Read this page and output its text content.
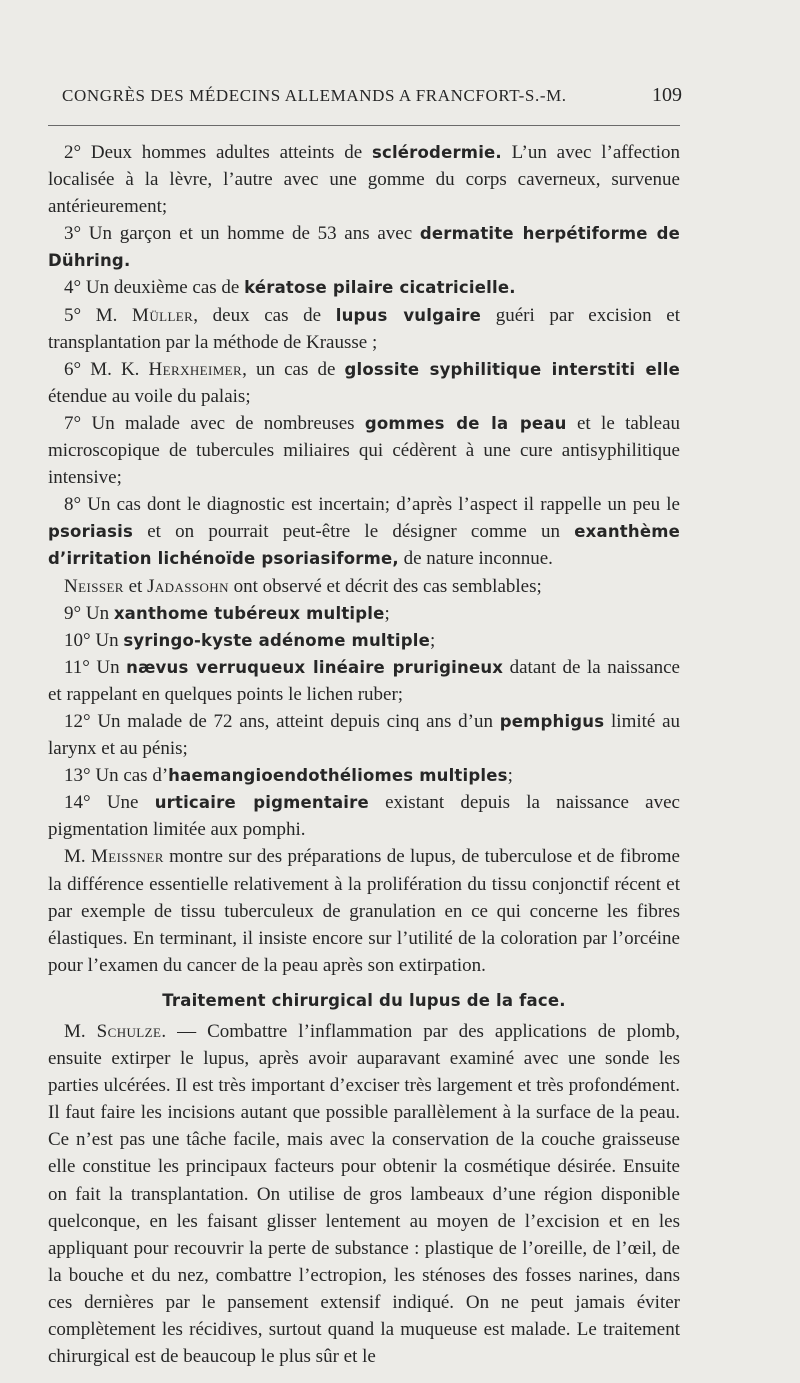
CONGRÈS DES MÉDECINS ALLEMANDS A FRANCFORT-S.-M.	109

2° Deux hommes adultes atteints de sclérodermie. L’un avec l’affection localisée à la lèvre, l’autre avec une gomme du corps caverneux, survenue antérieurement;

3° Un garçon et un homme de 53 ans avec dermatite herpétiforme de Dühring.

4° Un deuxième cas de kératose pilaire cicatricielle.

5° M. Müller, deux cas de lupus vulgaire guéri par excision et transplantation par la méthode de Krausse ;

6° M. K. Herxheimer, un cas de glossite syphilitique interstiti elle étendue au voile du palais;

7° Un malade avec de nombreuses gommes de la peau et le tableau microscopique de tubercules miliaires qui cédèrent à une cure antisyphilitique intensive;

8° Un cas dont le diagnostic est incertain; d’après l’aspect il rappelle un peu le psoriasis et on pourrait peut-être le désigner comme un exanthème d’irritation lichénoïde psoriasiforme, de nature inconnue.

Neisser et Jadassohn ont observé et décrit des cas semblables;

9° Un xanthome tubéreux multiple;

10° Un syringo-kyste adénome multiple;

11° Un nævus verruqueux linéaire prurigineux datant de la naissance et rappelant en quelques points le lichen ruber;

12° Un malade de 72 ans, atteint depuis cinq ans d’un pemphigus limité au larynx et au pénis;

13° Un cas d’haemangioendothéliomes multiples;

14° Une urticaire pigmentaire existant depuis la naissance avec pigmentation limitée aux pomphi.

M. Meissner montre sur des préparations de lupus, de tuberculose et de fibrome la différence essentielle relativement à la prolifération du tissu conjonctif récent et par exemple de tissu tuberculeux de granulation en ce qui concerne les fibres élastiques. En terminant, il insiste encore sur l’utilité de la coloration par l’orcéine pour l’examen du cancer de la peau après son extirpation.

Traitement chirurgical du lupus de la face.

M. Schulze. — Combattre l’inflammation par des applications de plomb, ensuite extirper le lupus, après avoir auparavant examiné avec une sonde les parties ulcérées. Il est très important d’exciser très largement et très profondément. Il faut faire les incisions autant que possible parallèlement à la surface de la peau. Ce n’est pas une tâche facile, mais avec la conservation de la couche graisseuse elle constitue les principaux facteurs pour obtenir la cosmétique désirée. Ensuite on fait la transplantation. On utilise de gros lambeaux d’une région disponible quelconque, en les faisant glisser lentement au moyen de l’excision et en les appliquant pour recouvrir la perte de substance : plastique de l’oreille, de l’œil, de la bouche et du nez, combattre l’ectropion, les sténoses des fosses narines, dans ces dernières par le pansement extensif indiqué. On ne peut jamais éviter complètement les récidives, surtout quand la muqueuse est malade. Le traitement chirurgical est de beaucoup le plus sûr et le
